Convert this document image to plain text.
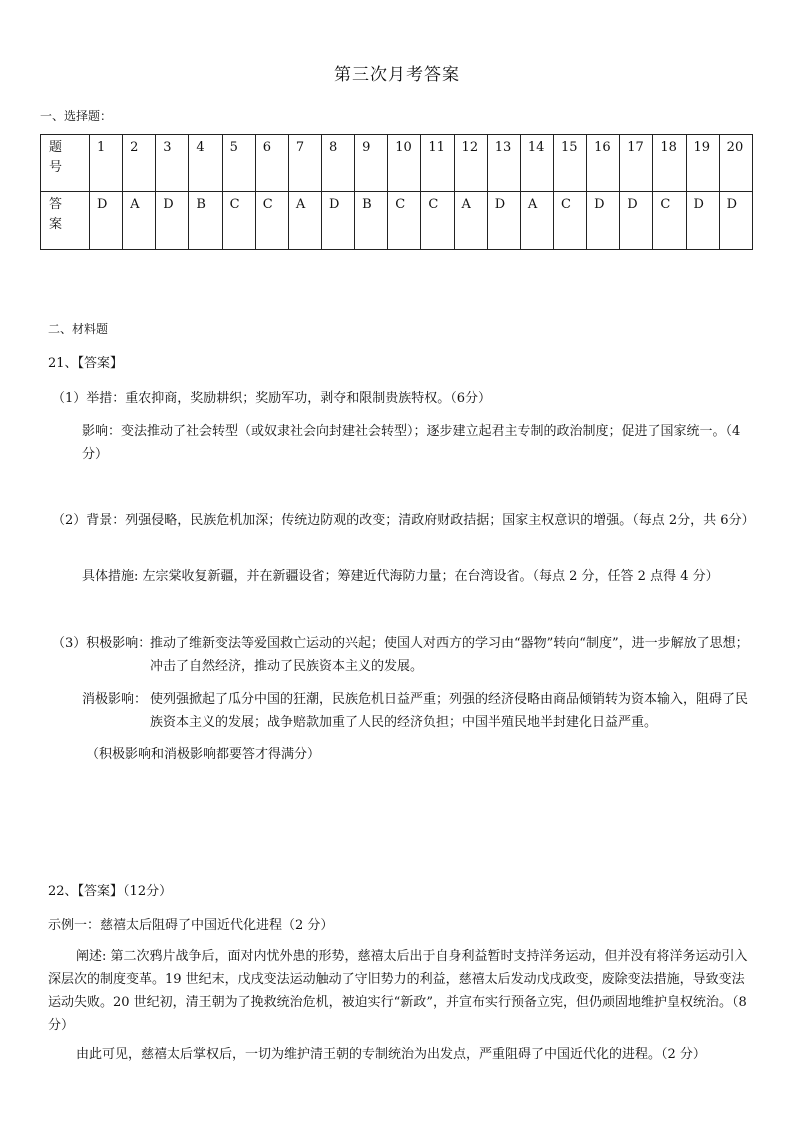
第三次月考答案
一、选择题：
题
号	1	2	3	4	5	6	7	8	9	10	11	12	13	14	15	16	17	18	19	20
答
案	D	A	D	B	C	C	A	D	B	C	C	A	D	A	C	D	D	C	D	D
二、材料题
21、【答案】
（1）举措：重农抑商，奖励耕织；奖励军功，剥夺和限制贵族特权。（6分）
影响：变法推动了社会转型（或奴隶社会向封建社会转型）；逐步建立起君主专制的政治制度；促进了国家统一。（4 分）
（2）背景：列强侵略，民族危机加深；传统边防观的改变；清政府财政拮据；国家主权意识的增强。（每点 2分，共 6分）
具体措施: 左宗棠收复新疆，并在新疆设省；筹建近代海防力量；在台湾设省。（每点 2 分，任答 2 点得 4 分）
（3）积极影响：
推动了维新变法等爱国救亡运动的兴起；使国人对西方的学习由“器物”转向“制度”，进一步解放了思想；冲击了自然经济，推动了民族资本主义的发展。
消极影响： 使列强掀起了瓜分中国的狂潮，民族危机日益严重；列强的经济侵略由商品倾销转为资本输入，阻碍了民族资本主义的发展；战争赔款加重了人民的经济负担；中国半殖民地半封建化日益严重。
（积极影响和消极影响都要答才得满分）
22、【答案】（12分）
示例一：慈禧太后阻碍了中国近代化进程（2 分）
阐述: 第二次鸦片战争后，面对内忧外患的形势，慈禧太后出于自身利益暂时支持洋务运动，但并没有将洋务运动引入深层次的制度变革。19 世纪末，戊戌变法运动触动了守旧势力的利益，慈禧太后发动戊戌政变，废除变法措施，导致变法运动失败。20 世纪初，清王朝为了挽救统治危机，被迫实行“新政”，并宣布实行预备立宪，但仍顽固地维护皇权统治。（8 分）
由此可见，慈禧太后掌权后，一切为维护清王朝的专制统治为出发点，严重阻碍了中国近代化的进程。（2 分）
